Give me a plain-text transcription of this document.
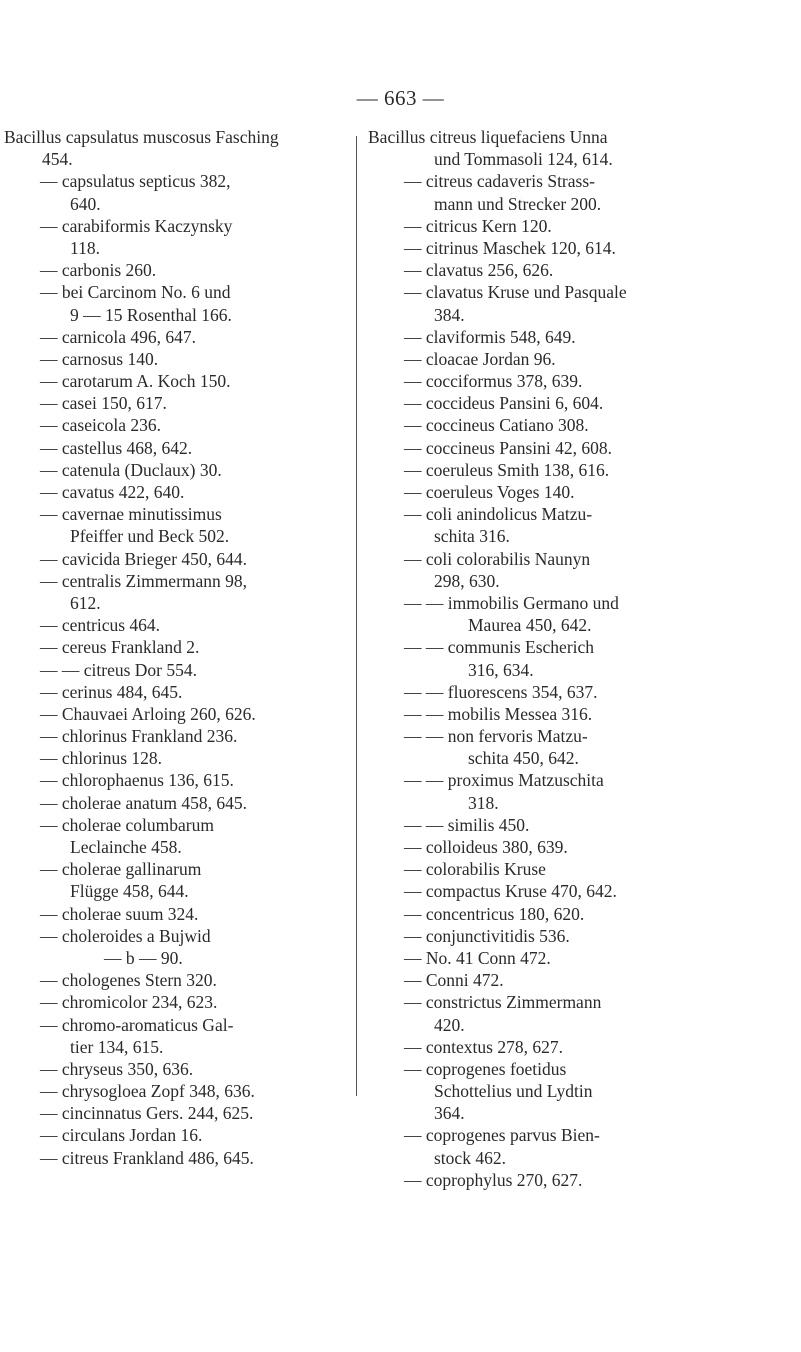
— 663 —
Bacillus capsulatus muscosus Fasching
454.
— capsulatus septicus 382,
640.
— carabiformis Kaczynsky
118.
— carbonis 260.
— bei Carcinom No. 6 und
9 — 15 Rosenthal 166.
— carnicola 496, 647.
— carnosus 140.
— carotarum A. Koch 150.
— casei 150, 617.
— caseicola 236.
— castellus 468, 642.
— catenula (Duclaux) 30.
— cavatus 422, 640.
— cavernae minutissimus
Pfeiffer und Beck 502.
— cavicida Brieger 450, 644.
— centralis Zimmermann 98,
612.
— centricus 464.
— cereus Frankland 2.
— — citreus Dor 554.
— cerinus 484, 645.
— Chauvaei Arloing 260, 626.
— chlorinus Frankland 236.
— chlorinus 128.
— chlorophaenus 136, 615.
— cholerae anatum 458, 645.
— cholerae columbarum
Leclainche 458.
— cholerae gallinarum
Flügge 458, 644.
— cholerae suum 324.
— choleroides a Bujwid
— b — 90.
— chologenes Stern 320.
— chromicolor 234, 623.
— chromo-aromaticus Gal-
tier 134, 615.
— chryseus 350, 636.
— chrysogloea Zopf 348, 636.
— cincinnatus Gers. 244, 625.
— circulans Jordan 16.
— citreus Frankland 486, 645.
Bacillus citreus liquefaciens Unna
und Tommasoli 124, 614.
— citreus cadaveris Strass-
mann und Strecker 200.
— citricus Kern 120.
— citrinus Maschek 120, 614.
— clavatus 256, 626.
— clavatus Kruse und Pasquale
384.
— claviformis 548, 649.
— cloacae Jordan 96.
— cocciformus 378, 639.
— coccideus Pansini 6, 604.
— coccineus Catiano 308.
— coccineus Pansini 42, 608.
— coeruleus Smith 138, 616.
— coeruleus Voges 140.
— coli anindolicus Matzu-
schita 316.
— coli colorabilis Naunyn
298, 630.
— — immobilis Germano und
Maurea 450, 642.
— — communis Escherich
316, 634.
— — fluorescens 354, 637.
— — mobilis Messea 316.
— — non fervoris Matzu-
schita 450, 642.
— — proximus Matzuschita
318.
— — similis 450.
— colloideus 380, 639.
— colorabilis Kruse
— compactus Kruse 470, 642.
— concentricus 180, 620.
— conjunctivitidis 536.
— No. 41 Conn 472.
— Conni 472.
— constrictus Zimmermann
420.
— contextus 278, 627.
— coprogenes foetidus
Schottelius und Lydtin
364.
— coprogenes parvus Bien-
stock 462.
— coprophylus 270, 627.
